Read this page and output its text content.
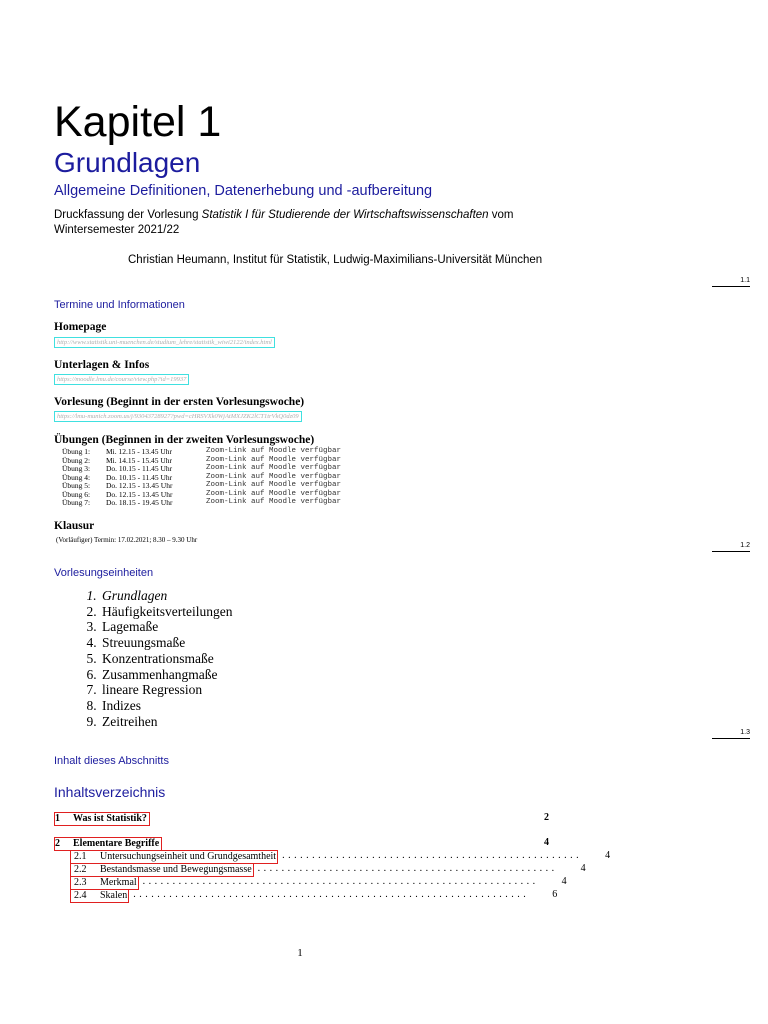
Kapitel 1
Grundlagen
Allgemeine Definitionen, Datenerhebung und -aufbereitung
Druckfassung der Vorlesung Statistik I für Studierende der Wirtschaftswissenschaften vom Wintersemester 2021/22
Christian Heumann, Institut für Statistik, Ludwig-Maximilians-Universität München
1.1
Termine und Informationen
Homepage
http://www.statistik.uni-muenchen.de/studium_lehre/statistik_wiwi2122/index.html
Unterlagen & Infos
https://moodle.lmu.de/course/view.php?id=19937
Vorlesung (Beginnt in der ersten Vorlesungswoche)
https://lmu-munich.zoom.us/j/93043728927?pwd=cHRSVXk0WjAtMXJZK2lCT1trVkQ0dz09
Übungen (Beginnen in der zweiten Vorlesungswoche)
Übung 1: Mi. 12.15 - 13.45 Uhr	Zoom-Link auf Moodle verfügbar
Übung 2: Mi. 14.15 - 15.45 Uhr	Zoom-Link auf Moodle verfügbar
Übung 3: Do. 10.15 - 11.45 Uhr	Zoom-Link auf Moodle verfügbar
Übung 4: Do. 10.15 - 11.45 Uhr	Zoom-Link auf Moodle verfügbar
Übung 5: Do. 12.15 - 13.45 Uhr	Zoom-Link auf Moodle verfügbar
Übung 6: Do. 12.15 - 13.45 Uhr	Zoom-Link auf Moodle verfügbar
Übung 7: Do. 18.15 - 19.45 Uhr	Zoom-Link auf Moodle verfügbar
Klausur
(Vorläufiger) Termin: 17.02.2021; 8.30 – 9.30 Uhr
1.2
Vorlesungseinheiten
1. Grundlagen
2. Häufigkeitsverteilungen
3. Lagemaße
4. Streuungsmaße
5. Konzentrationsmaße
6. Zusammenhangmaße
7. lineare Regression
8. Indizes
9. Zeitreihen
1.3
Inhalt dieses Abschnitts
Inhaltsverzeichnis
1	Was ist Statistik?	2
2	Elementare Begriffe	4
2.1	Untersuchungseinheit und Grundgesamtheit ..................................................	4
2.2	Bestandsmasse und Bewegungsmasse ..................................................	4
2.3	Merkmal ..................................................................	4
2.4	Skalen ..................................................................	6
1
